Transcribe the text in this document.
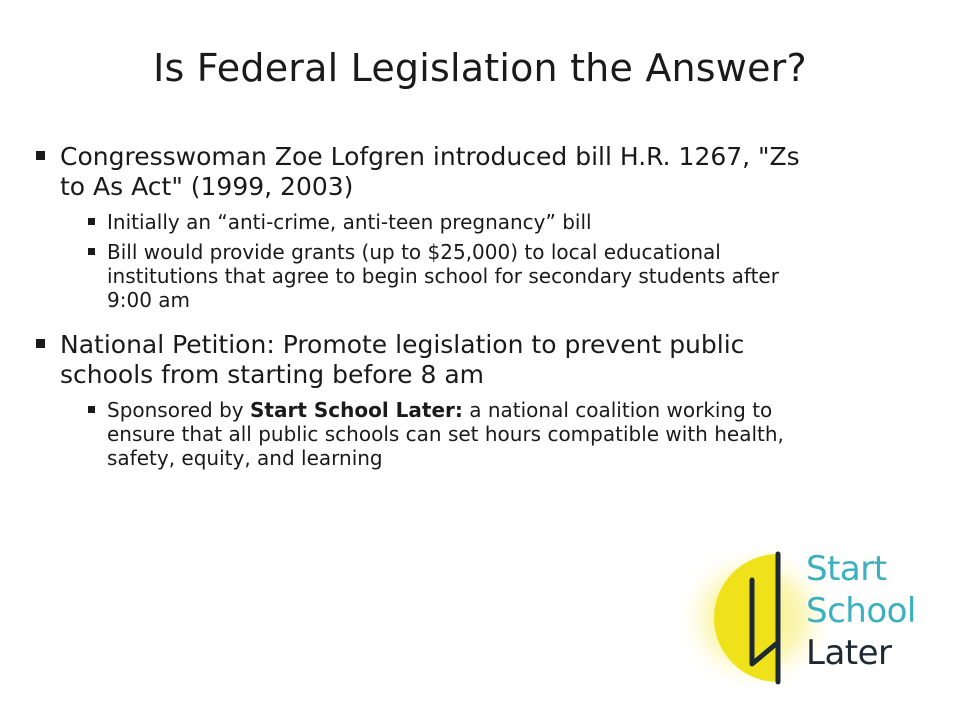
Is Federal Legislation the Answer?
Congresswoman Zoe Lofgren introduced bill H.R. 1267, "Zs to As Act" (1999, 2003)
Initially an “anti-crime, anti-teen pregnancy” bill
Bill would provide grants (up to $25,000) to local educational institutions that agree to begin school for secondary students after 9:00 am
National Petition: Promote legislation to prevent public schools from starting before 8 am
Sponsored by Start School Later: a national coalition working to ensure that all public schools can set hours compatible with health, safety, equity, and learning
Start
School
Later
